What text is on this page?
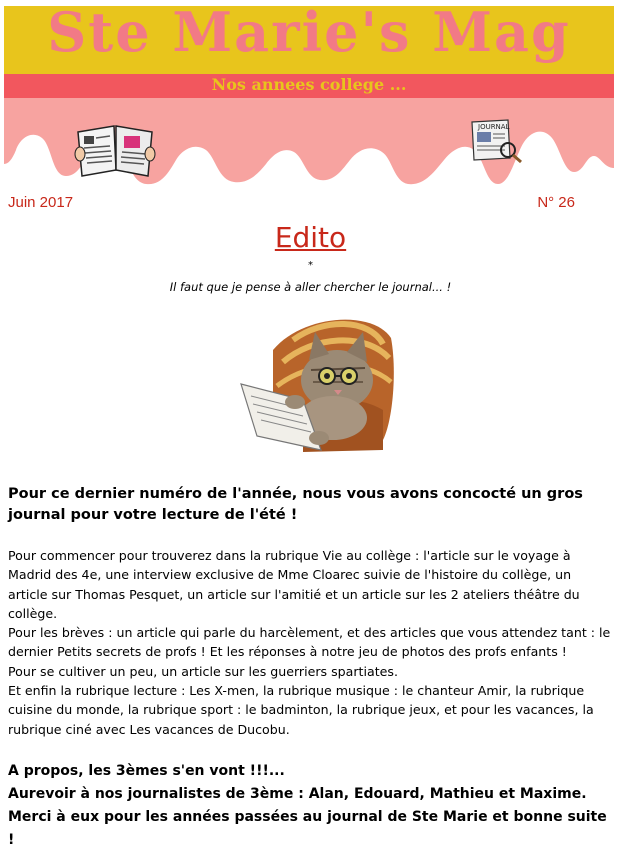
Ste Marie's Mag
Nos annees college ...
JOURNAL
Juin 2017	N° 26
Edito
*
Il faut que je pense à aller chercher le journal... !
Pour ce dernier numéro de l'année, nous vous avons concocté un gros journal pour votre lecture de l'été !

Pour commencer pour trouverez dans la rubrique Vie au collège : l'article sur le voyage à Madrid des 4e, une interview exclusive de Mme Cloarec suivie de l'histoire du collège, un article sur Thomas Pesquet, un article sur l'amitié et un article sur les 2 ateliers théâtre du collège.

Pour les brèves : un article qui parle du harcèlement, et des articles que vous attendez tant : le dernier Petits secrets de profs ! Et les réponses à notre jeu de photos des profs enfants !

Pour se cultiver un peu, un article sur les guerriers spartiates.

Et enfin la rubrique lecture : Les X-men, la rubrique musique : le chanteur Amir, la rubrique cuisine du monde, la rubrique sport : le badminton, la rubrique jeux, et pour les vacances, la rubrique ciné avec Les vacances de Ducobu.

A propos, les 3èmes s'en vont !!!...

Aurevoir à nos journalistes de 3ème : Alan, Edouard, Mathieu et Maxime.

Merci à eux pour les années passées au journal de Ste Marie et bonne suite !
